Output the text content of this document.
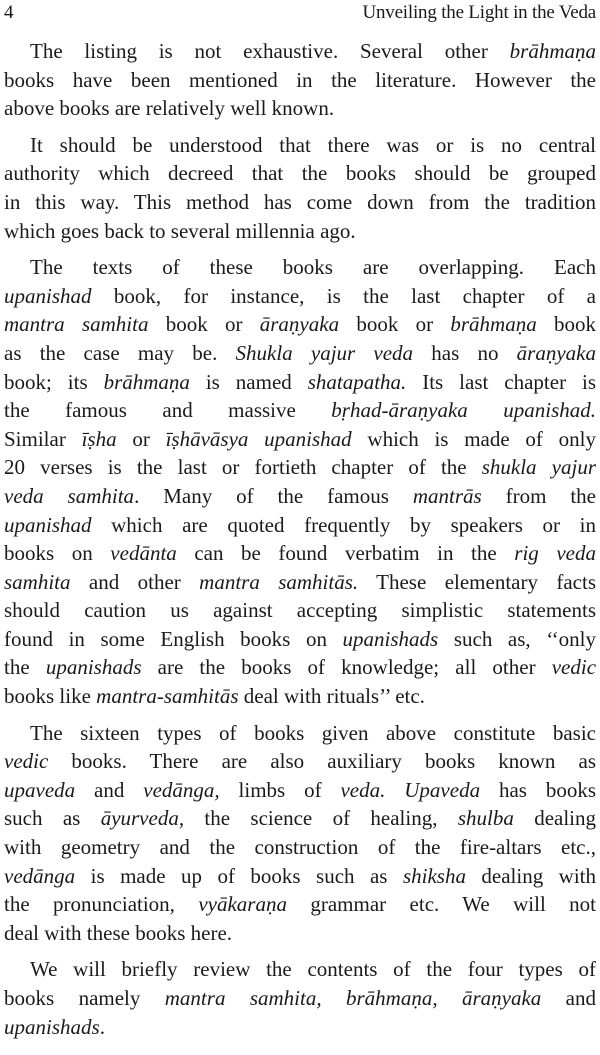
4	Unveiling the Light in the Veda
The listing is not exhaustive. Several other brāhmaṇa
books have been mentioned in the literature. However the
above books are relatively well known.
It should be understood that there was or is no central
authority which decreed that the books should be grouped
in this way. This method has come down from the tradition
which goes back to several millennia ago.
The texts of these books are overlapping. Each
upanishad book, for instance, is the last chapter of a
mantra samhita book or āraṇyaka book or brāhmaṇa book
as the case may be. Shukla yajur veda has no āraṇyaka
book; its brāhmaṇa is named shatapatha. Its last chapter is
the famous and massive bṛhad-āraṇyaka upanishad.
Similar īṣha or īṣhāvāsya upanishad which is made of only
20 verses is the last or fortieth chapter of the shukla yajur
veda samhita. Many of the famous mantrās from the
upanishad which are quoted frequently by speakers or in
books on vedānta can be found verbatim in the rig veda
samhita and other mantra samhitās. These elementary facts
should caution us against accepting simplistic statements
found in some English books on upanishads such as, ‘‘only
the upanishads are the books of knowledge; all other vedic
books like mantra-samhitās deal with rituals’’ etc.
The sixteen types of books given above constitute basic
vedic books. There are also auxiliary books known as
upaveda and vedānga, limbs of veda. Upaveda has books
such as āyurveda, the science of healing, shulba dealing
with geometry and the construction of the fire-altars etc.,
vedānga is made up of books such as shiksha dealing with
the pronunciation, vyākaraṇa grammar etc. We will not
deal with these books here.
We will briefly review the contents of the four types of
books namely mantra samhita, brāhmaṇa, āraṇyaka and
upanishads.
